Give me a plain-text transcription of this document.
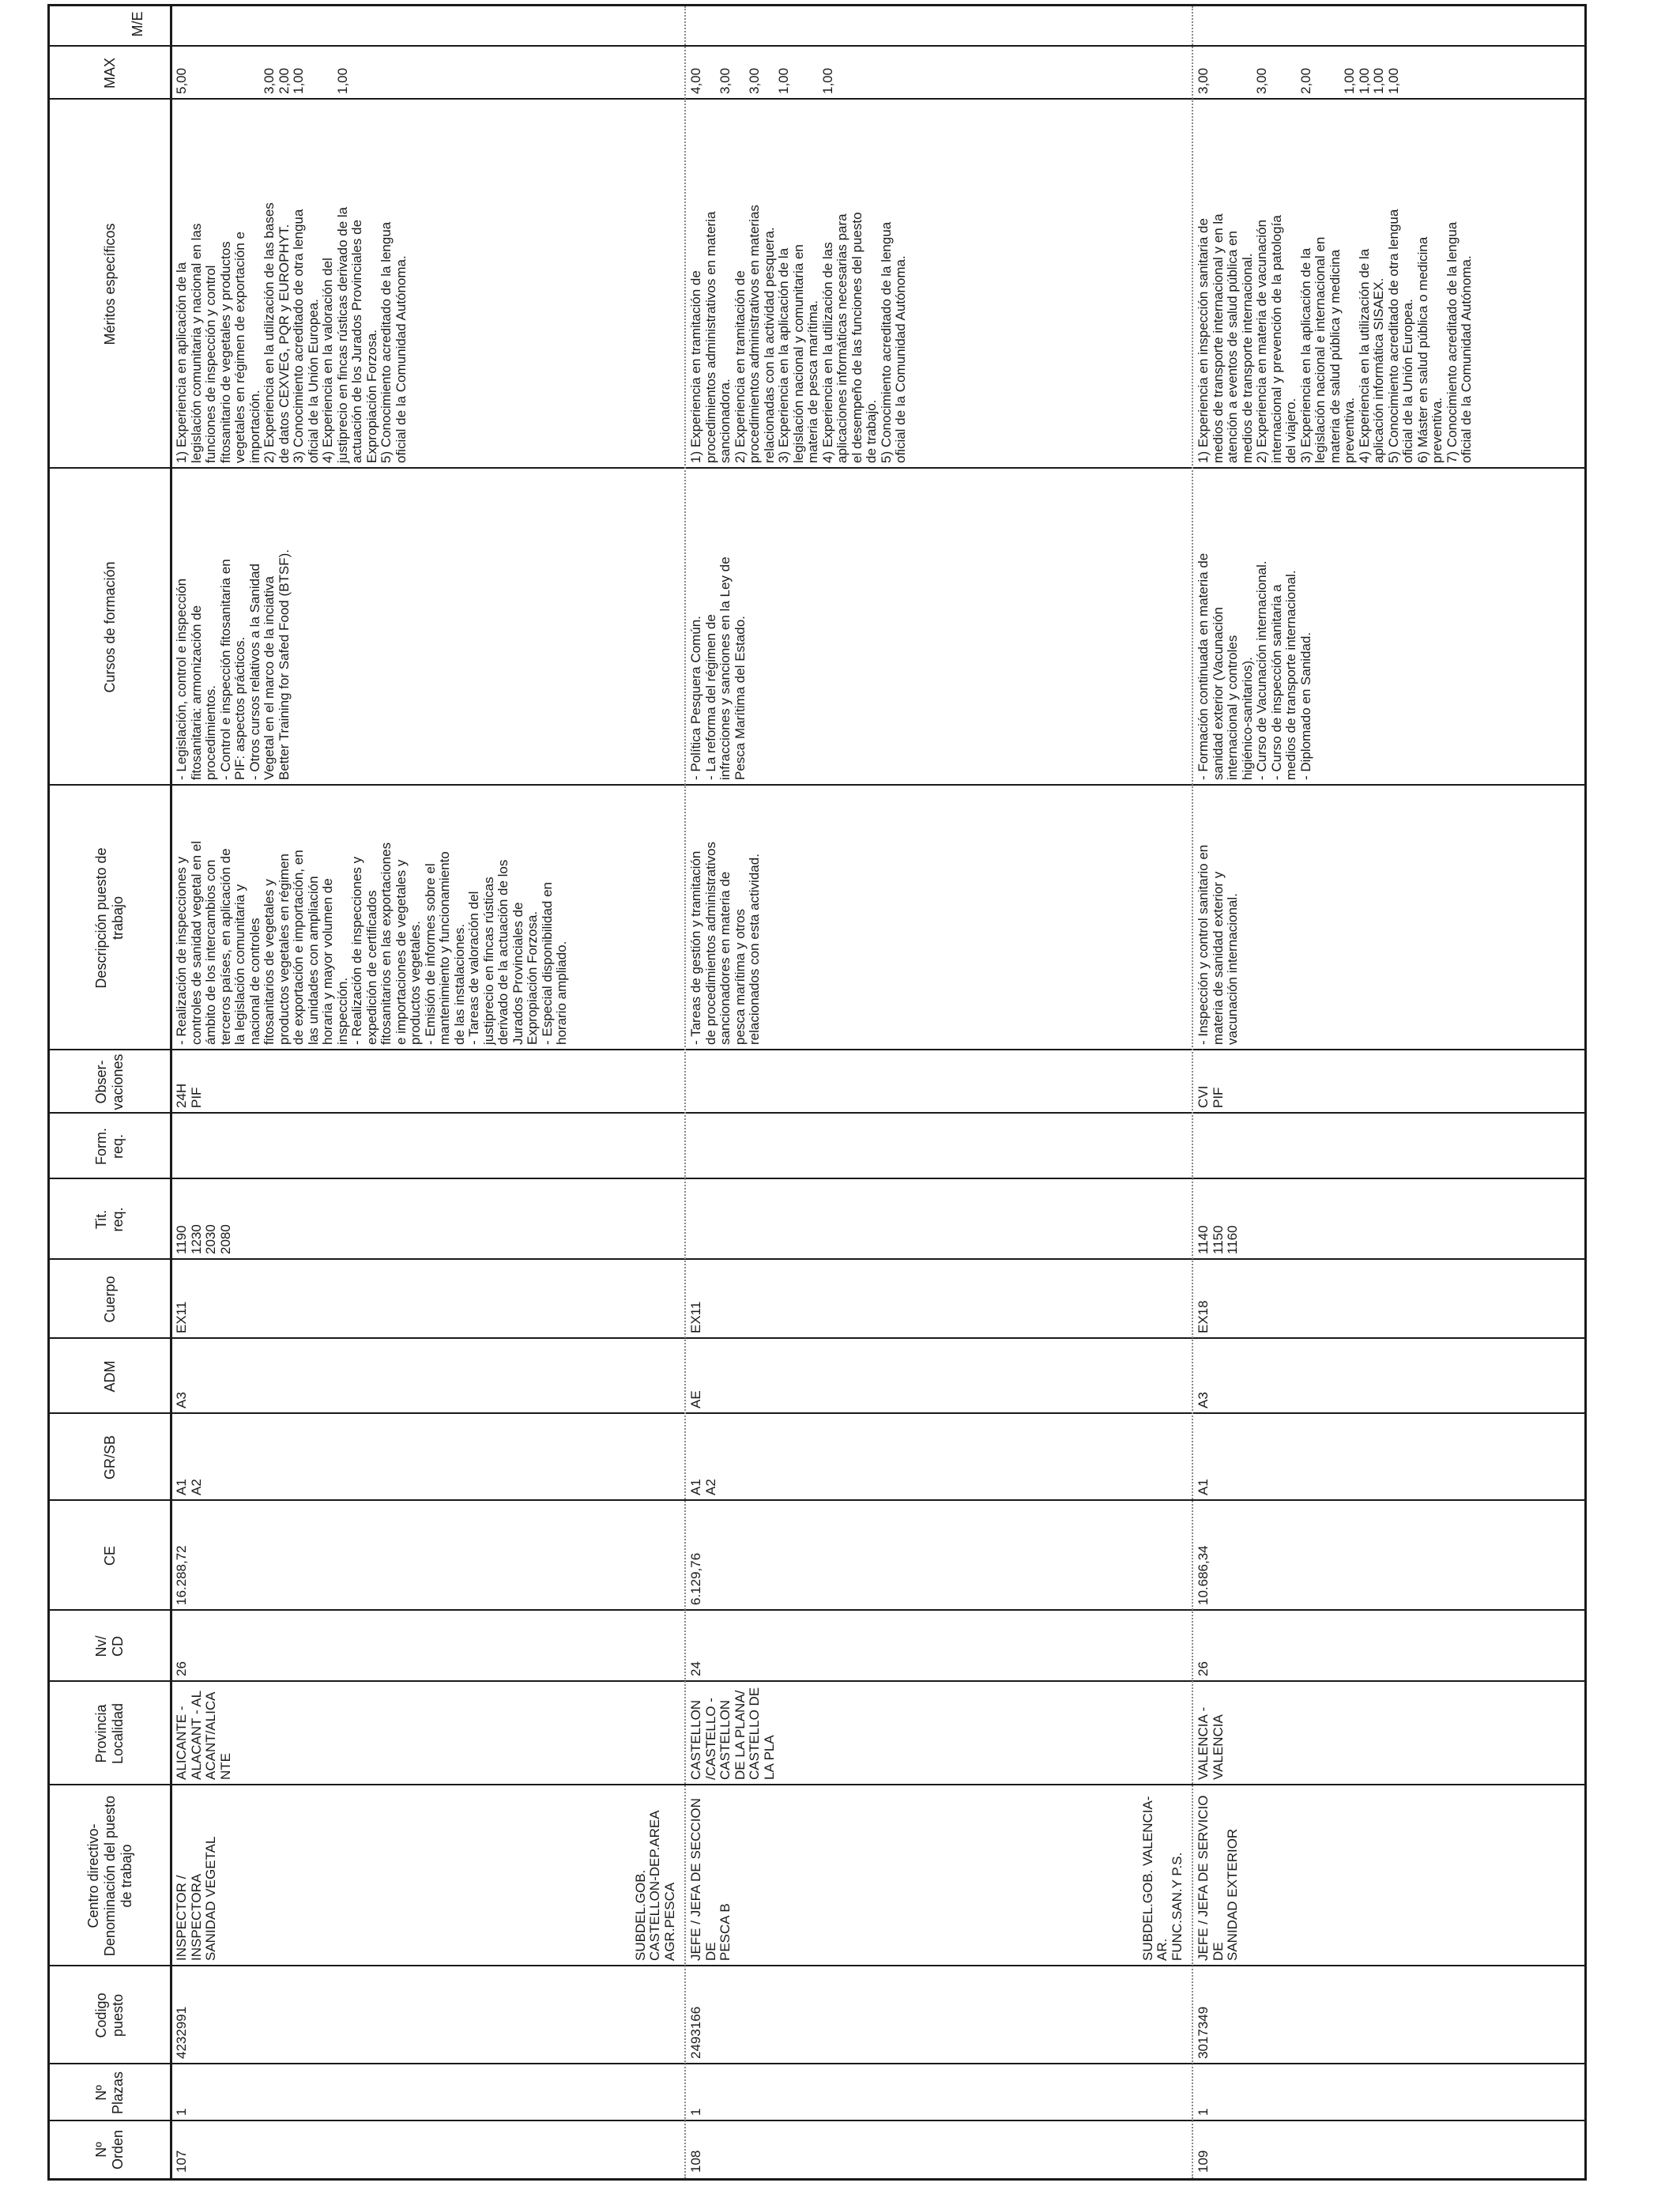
Nº
Orden
Nº
Plazas
Codigo
puesto
Centro directivo-
Denominación del puesto
de trabajo
Provincia
Localidad
Nv/
CD
CE
GR/SB
ADM
Cuerpo
Tit.
req.
Form.
req.
Obser-
vaciones
Descripción puesto de
trabajo
Cursos de formación
Méritos específicos
MAX
M/E
107
1
4232991
INSPECTOR / INSPECTORA
SANIDAD VEGETAL
ALICANTE -
ALACANT - AL
ACANT/ALICA
NTE
26
16.288,72
A1
A2
A3
EX11
1190
1230
2030
2080
24H
PIF
- Realización de inspecciones y
controles de sanidad vegetal en el
ámbito de los intercambios con
terceros países, en aplicación de
la legislación comunitaria y
nacional de controles
fitosanitarios de vegetales y
productos vegetales en régimen
de exportación e importación, en
las unidades con ampliación
horaria y mayor volumen de
inspección.
- Realización de inspecciones y
expedición de certificados
fitosanitarios en las exportaciones
e importaciones de vegetales y
productos vegetales.
- Emisión de informes sobre el
mantenimiento y funcionamiento
de las instalaciones.
- Tareas de valoración del
justiprecio en fincas rústicas
derivado de la actuación de los
Jurados Provinciales de
Expropiación Forzosa.
- Especial disponibilidad en
horario ampliado.
- Legislación, control e inspección
fitosanitaria: armonización de
procedimientos.
- Control e inspección fitosanitaria en
PIF: aspectos prácticos.
- Otros cursos relativos a la Sanidad
Vegetal en el marco de la inciativa
Better Training for Safed Food (BTSF).
1) Experiencia en aplicación de la
legislación comunitaria y nacional en las
funciones de inspección y control
fitosanitario de vegetales y productos
vegetales en régimen de exportación e
importación.
2) Experiencia en la utilización de las bases
de datos CEXVEG, PQR y EUROPHYT.
3) Conocimiento acreditado de otra lengua
oficial de la Unión Europea.
4) Experiencia en la valoración del
justiprecio en fincas rústicas derivado de la
actuación de los Jurados Provinciales de
Expropiación Forzosa.
5) Conocimiento acreditado de la lengua
oficial de la Comunidad Autónoma.
5,00

3,00
2,00
1,00

1,00
108
1
2493166
SUBDEL.GOB.
CASTELLON-DEP.AREA
AGR.PESCA JEFE / JEFA DE SECCION DE
PESCA B
CASTELLON
/CASTELLO -
CASTELLON
DE LA PLANA/
CASTELLO DE
LA PLA
24
6.129,76
A1
A2
AE
EX11
- Tareas de gestión y tramitación
de procedimientos administrativos
sancionadores en materia de
pesca marítima y otros
relacionados con esta actividad.
- Política Pesquera Común.
- La reforma del régimen de
infracciones y sanciones en la Ley de
Pesca Marítima del Estado.
1) Experiencia en tramitación de
procedimientos administrativos en materia
sancionadora.
2) Experiencia en tramitación de
procedimientos administrativos en materias
relacionadas con la actividad pesquera.
3) Experiencia en la aplicación de la
legislación nacional y comunitaria en
materia de pesca marítima.
4) Experiencia en la utilización de las
aplicaciones informáticas necesarias para
el desempeño de las funciones del puesto
de trabajo.
5) Conocimiento acreditado de la lengua
oficial de la Comunidad Autónoma.
4,00

3,00

3,00

1,00

1,00
109
1
3017349
SUBDEL.GOB. VALENCIA-AR.
FUNC.SAN.Y P.S.
JEFE / JEFA DE SERVICIO DE
SANIDAD EXTERIOR
VALENCIA -
VALENCIA
26
10.686,34
A1
A3
EX18
1140
1150
1160
CVI
PIF
- Inspección y control sanitario en
materia de sanidad exterior y
vacunación internacional.
- Formación continuada en materia de
sanidad exterior (Vacunación
internacional y controles
higiénico-sanitarios).
- Curso de Vacunación internacional.
- Curso de inspección sanitaria a
medios de transporte internacional.
- Diplomado en Sanidad.
1) Experiencia en inspección sanitaria de
medios de transporte internacional y en la
atención a eventos de salud pública en
medios de transporte internacional.
2) Experiencia en materia de vacunación
internacional y prevención de la patología
del viajero.
3) Experiencia en la aplicación de la
legislación nacional e internacional en
materia de salud pública y medicina
preventiva.
4) Experiencia en la utilización de la
aplicación informática SISAEX.
5) Conocimiento acreditado de otra lengua
oficial de la Unión Europea.
6) Máster en salud pública o medicina
preventiva.
7) Conocimiento acreditado de la lengua
oficial de la Comunidad Autónoma.
3,00

3,00

2,00

1,00
1,00
1,00
1,00
